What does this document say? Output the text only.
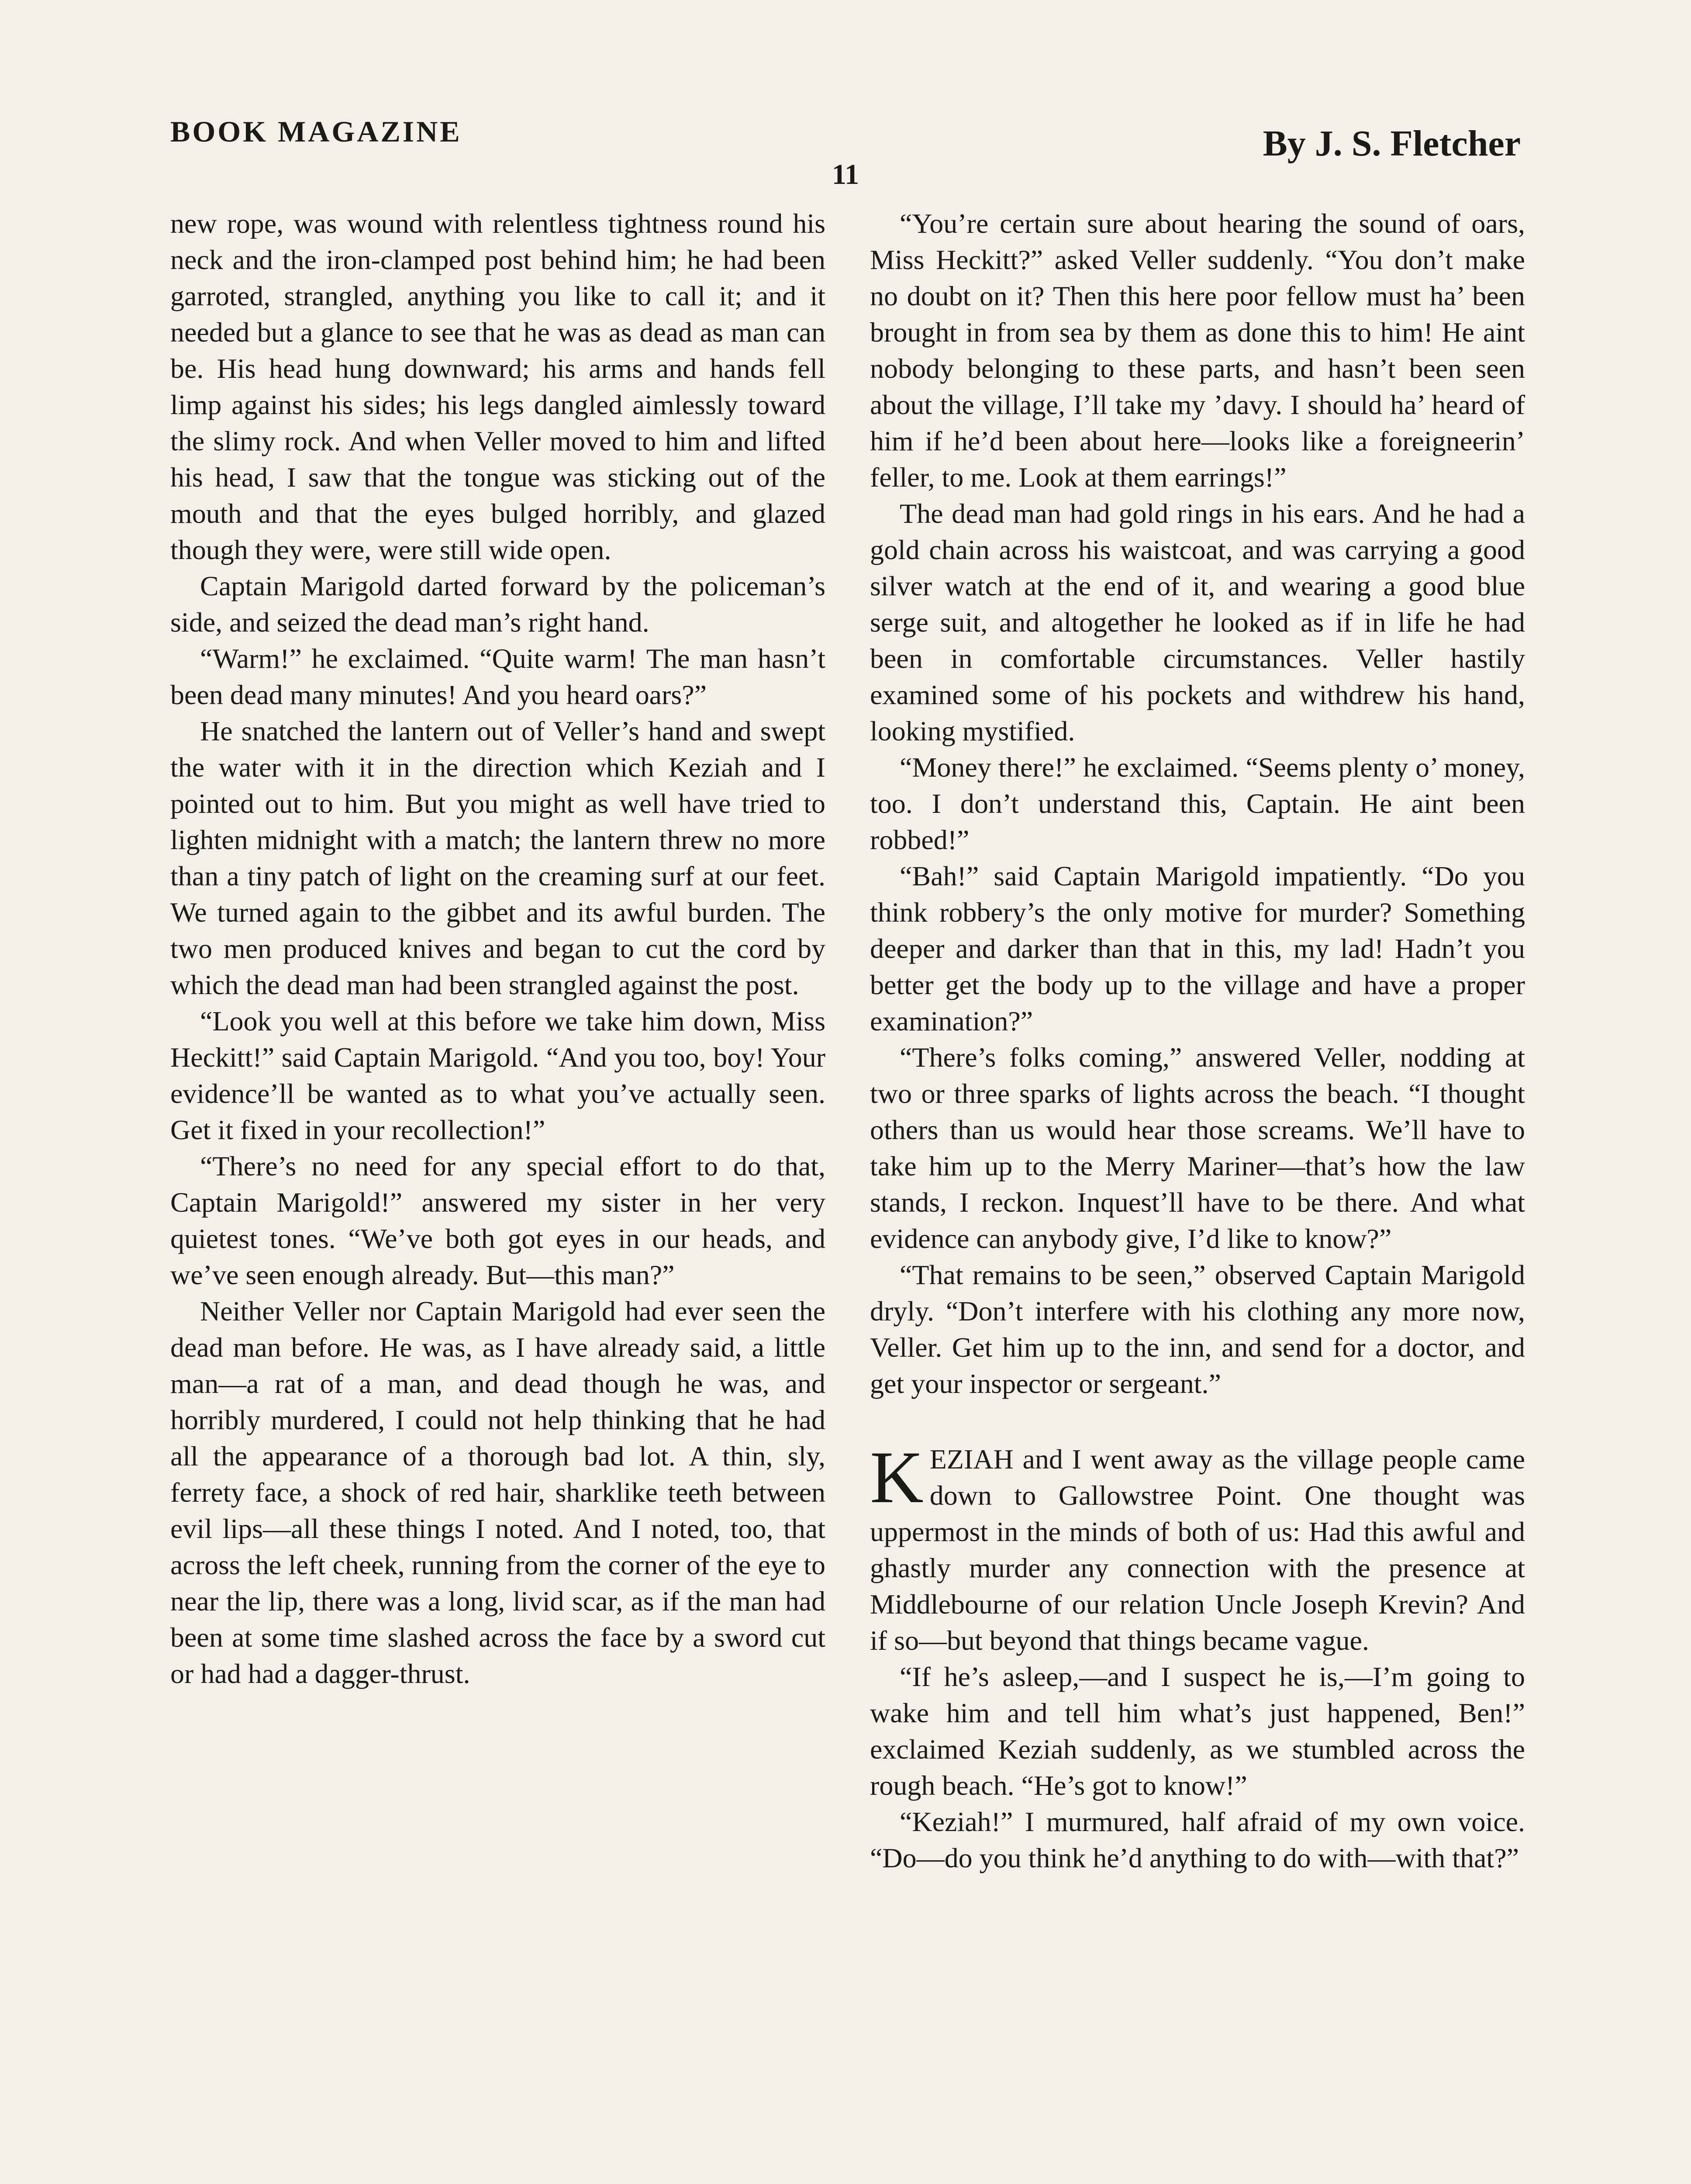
BOOK MAGAZINE	By J. S. Fletcher
11

new rope, was wound with relentless tightness round his neck and the iron-clamped post behind him; he had been garroted, strangled, anything you like to call it; and it needed but a glance to see that he was as dead as man can be. His head hung downward; his arms and hands fell limp against his sides; his legs dangled aimlessly toward the slimy rock. And when Veller moved to him and lifted his head, I saw that the tongue was sticking out of the mouth and that the eyes bulged horribly, and glazed though they were, were still wide open.

Captain Marigold darted forward by the policeman’s side, and seized the dead man’s right hand.

“Warm!” he exclaimed. “Quite warm! The man hasn’t been dead many minutes! And you heard oars?”

He snatched the lantern out of Veller’s hand and swept the water with it in the direction which Keziah and I pointed out to him. But you might as well have tried to lighten midnight with a match; the lantern threw no more than a tiny patch of light on the creaming surf at our feet. We turned again to the gibbet and its awful burden. The two men produced knives and began to cut the cord by which the dead man had been strangled against the post.

“Look you well at this before we take him down, Miss Heckitt!” said Captain Marigold. “And you too, boy! Your evidence’ll be wanted as to what you’ve actually seen. Get it fixed in your recollection!”

“There’s no need for any special effort to do that, Captain Marigold!” answered my sister in her very quietest tones. “We’ve both got eyes in our heads, and we’ve seen enough already. But—this man?”

Neither Veller nor Captain Marigold had ever seen the dead man before. He was, as I have already said, a little man—a rat of a man, and dead though he was, and horribly murdered, I could not help thinking that he had all the appearance of a thorough bad lot. A thin, sly, ferrety face, a shock of red hair, sharklike teeth between evil lips—all these things I noted. And I noted, too, that across the left cheek, running from the corner of the eye to near the lip, there was a long, livid scar, as if the man had been at some time slashed across the face by a sword cut or had had a dagger-thrust.

“You’re certain sure about hearing the sound of oars, Miss Heckitt?” asked Veller suddenly. “You don’t make no doubt on it? Then this here poor fellow must ha’ been brought in from sea by them as done this to him! He aint nobody belonging to these parts, and hasn’t been seen about the village, I’ll take my ’davy. I should ha’ heard of him if he’d been about here—looks like a foreigneerin’ feller, to me. Look at them earrings!”

The dead man had gold rings in his ears. And he had a gold chain across his waistcoat, and was carrying a good silver watch at the end of it, and wearing a good blue serge suit, and altogether he looked as if in life he had been in comfortable circumstances. Veller hastily examined some of his pockets and withdrew his hand, looking mystified.

“Money there!” he exclaimed. “Seems plenty o’ money, too. I don’t understand this, Captain. He aint been robbed!”

“Bah!” said Captain Marigold impatiently. “Do you think robbery’s the only motive for murder? Something deeper and darker than that in this, my lad! Hadn’t you better get the body up to the village and have a proper examination?”

“There’s folks coming,” answered Veller, nodding at two or three sparks of lights across the beach. “I thought others than us would hear those screams. We’ll have to take him up to the Merry Mariner—that’s how the law stands, I reckon. Inquest’ll have to be there. And what evidence can anybody give, I’d like to know?”

“That remains to be seen,” observed Captain Marigold dryly. “Don’t interfere with his clothing any more now, Veller. Get him up to the inn, and send for a doctor, and get your inspector or sergeant.”

KEZIAH and I went away as the village people came down to Gallowstree Point. One thought was uppermost in the minds of both of us: Had this awful and ghastly murder any connection with the presence at Middlebourne of our relation Uncle Joseph Krevin? And if so—but beyond that things became vague.

“If he’s asleep,—and I suspect he is,—I’m going to wake him and tell him what’s just happened, Ben!” exclaimed Keziah suddenly, as we stumbled across the rough beach. “He’s got to know!”

“Keziah!” I murmured, half afraid of my own voice. “Do—do you think he’d anything to do with—with that?”
